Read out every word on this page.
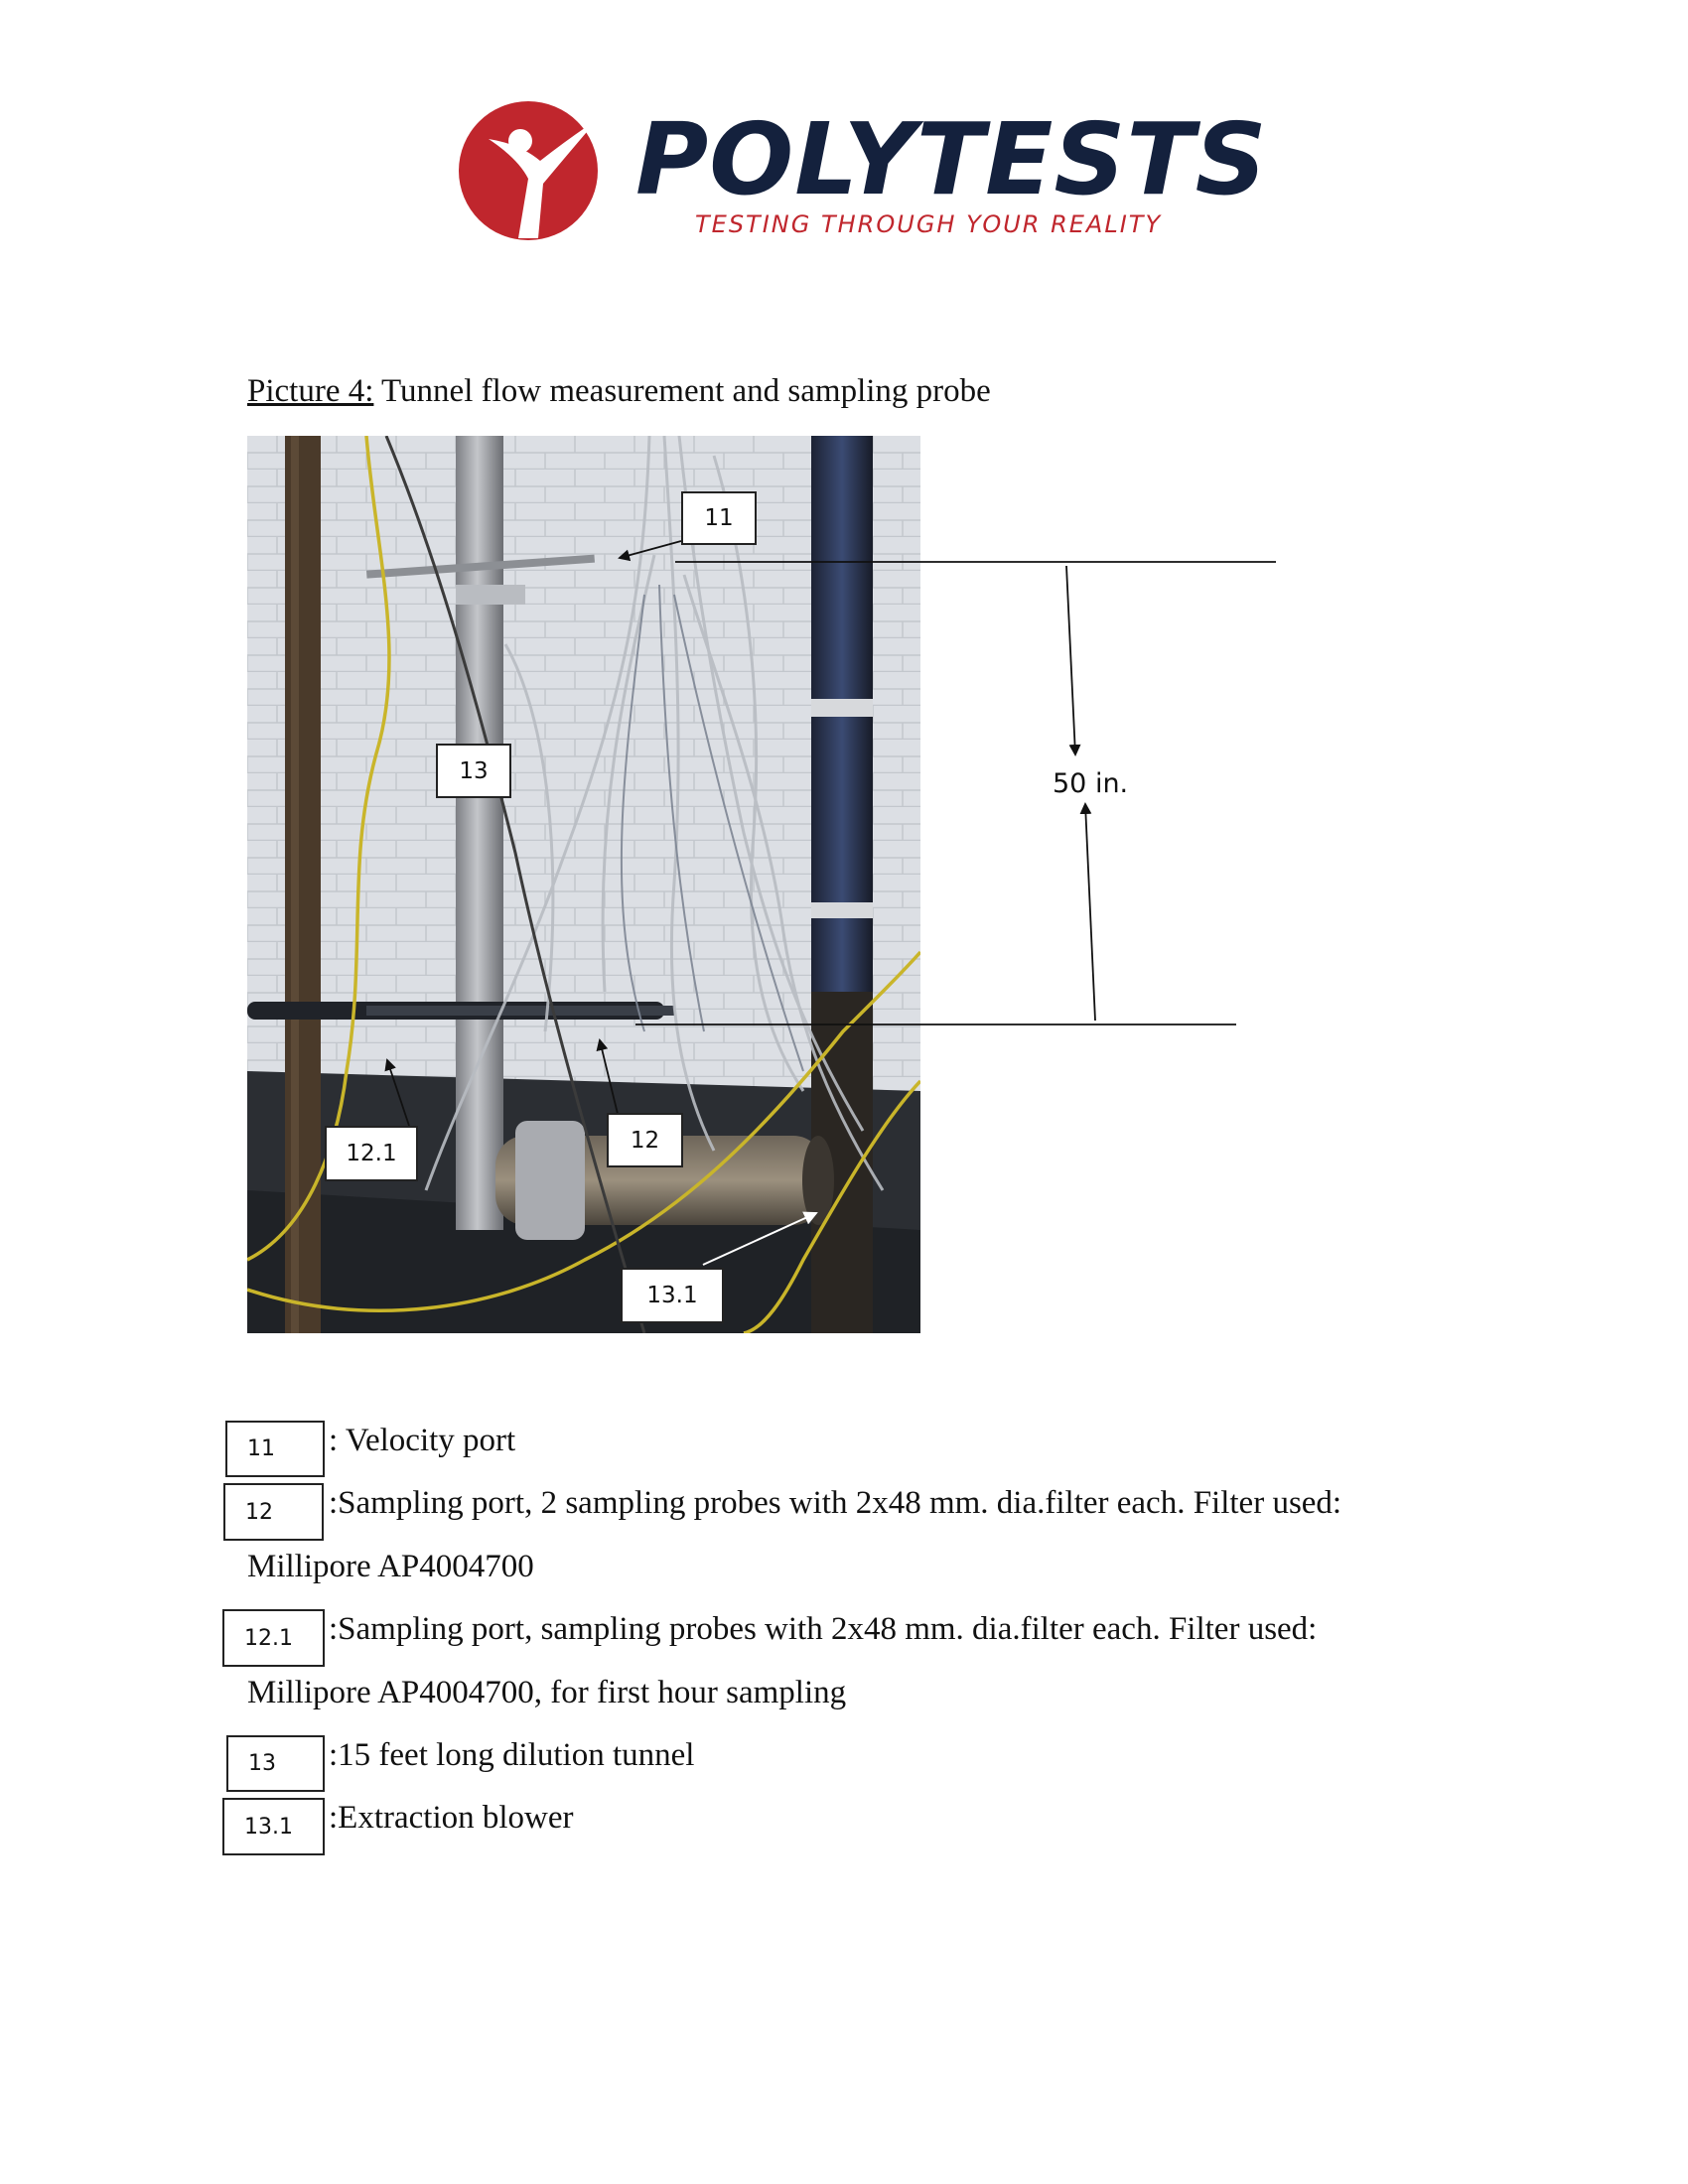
POLYTESTS
TESTING THROUGH YOUR REALITY
Picture 4: Tunnel flow measurement and sampling probe
11
13
12.1
12
13.1
50 in.
11	: Velocity port
12	:Sampling port, 2 sampling probes with 2x48 mm. dia.filter each. Filter used:
Millipore AP4004700
12.1	:Sampling port, sampling probes with 2x48 mm. dia.filter each. Filter used:
Millipore AP4004700, for first hour sampling
13	:15 feet long dilution tunnel
13.1	:Extraction blower
